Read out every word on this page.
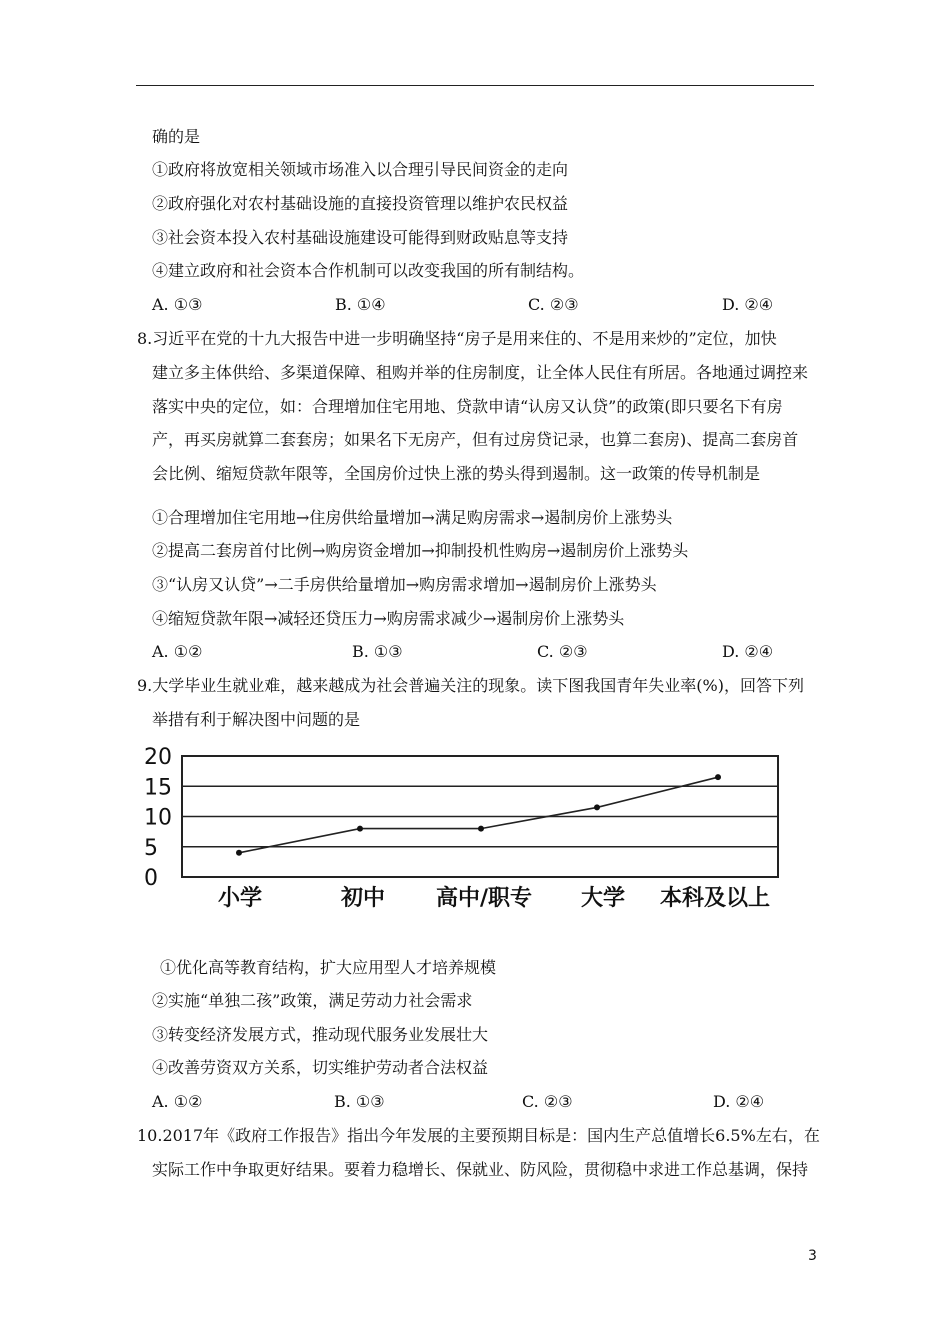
确的是
①政府将放宽相关领域市场准入以合理引导民间资金的走向
②政府强化对农村基础设施的直接投资管理以维护农民权益
③社会资本投入农村基础设施建设可能得到财政贴息等支持
④建立政府和社会资本合作机制可以改变我国的所有制结构。
A. ①③	B. ①④	C. ②③	D. ②④
8.习近平在党的十九大报告中进一步明确坚持“房子是用来住的、不是用来炒的”定位，加快
建立多主体供给、多渠道保障、租购并举的住房制度，让全体人民住有所居。各地通过调控来
落实中央的定位，如：合理增加住宅用地、贷款申请“认房又认贷”的政策(即只要名下有房
产，再买房就算二套套房；如果名下无房产，但有过房贷记录，也算二套房)、提高二套房首
会比例、缩短贷款年限等，全国房价过快上涨的势头得到遏制。这一政策的传导机制是
①合理增加住宅用地→住房供给量增加→满足购房需求→遏制房价上涨势头
②提高二套房首付比例→购房资金增加→抑制投机性购房→遏制房价上涨势头
③“认房又认贷”→二手房供给量增加→购房需求增加→遏制房价上涨势头
④缩短贷款年限→减轻还贷压力→购房需求减少→遏制房价上涨势头
A. ①②	B. ①③	C. ②③	D. ②④
9.大学毕业生就业难，越来越成为社会普遍关注的现象。读下图我国青年失业率(%)，回答下列
举措有利于解决图中问题的是
0
5
10
15
20
小学	初中 高中/职专 大学 本科及以上
①优化高等教育结构，扩大应用型人才培养规模
②实施“单独二孩”政策，满足劳动力社会需求
③转变经济发展方式，推动现代服务业发展壮大
④改善劳资双方关系，切实维护劳动者合法权益
A. ①②	B. ①③	C. ②③	D. ②④
10.2017年《政府工作报告》指出今年发展的主要预期目标是：国内生产总值增长6.5%左右，在
实际工作中争取更好结果。要着力稳增长、保就业、防风险，贯彻稳中求进工作总基调，保持
3
